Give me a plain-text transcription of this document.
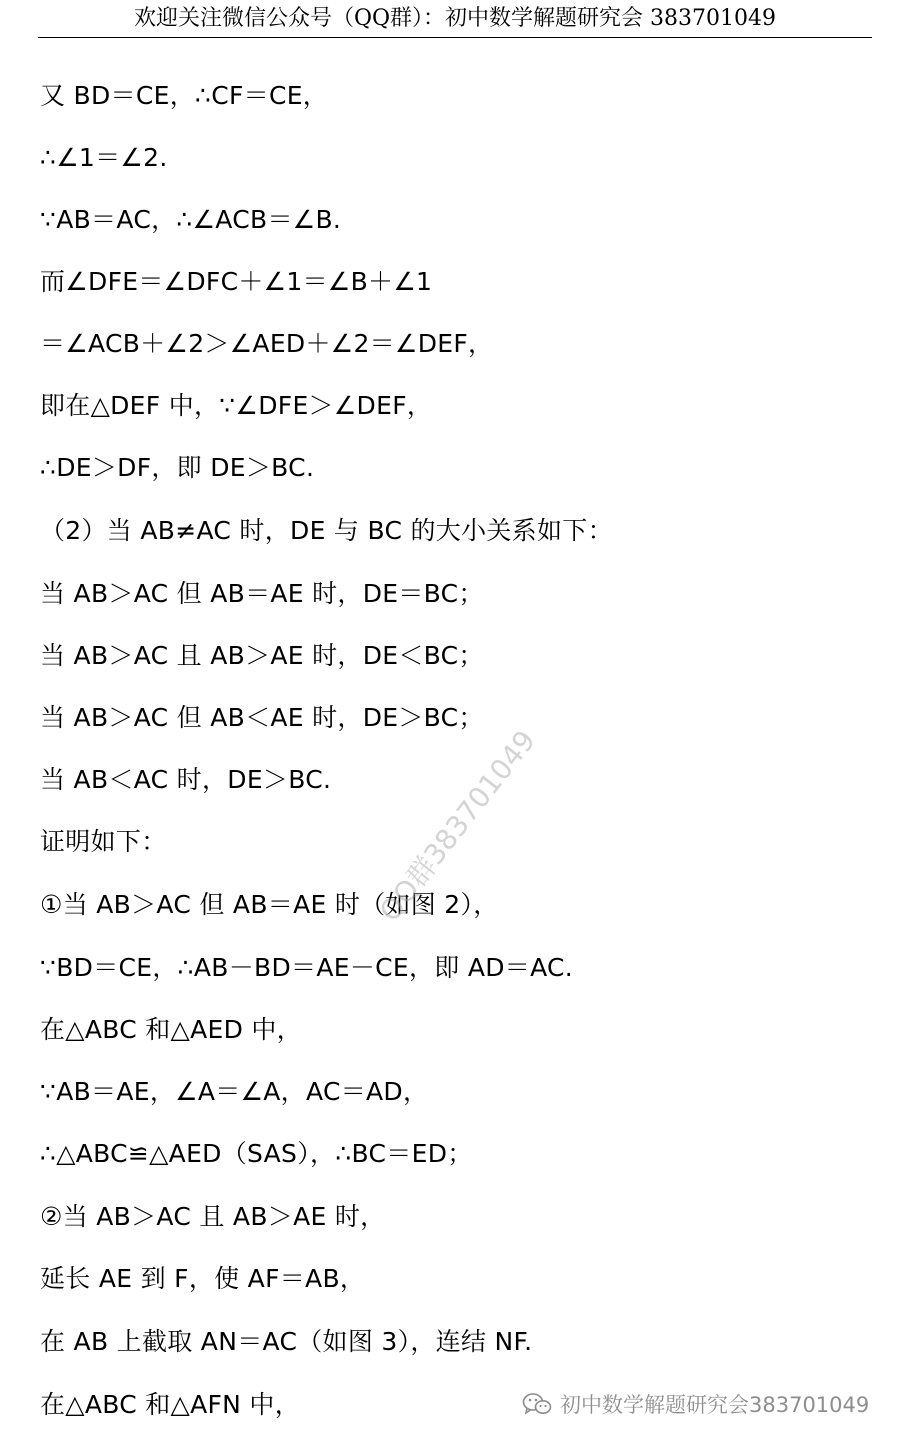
欢迎关注微信公众号（QQ群）：初中数学解题研究会 383701049
又 BD＝CE，∴CF＝CE，
∴∠1＝∠2.
∵AB＝AC，∴∠ACB＝∠B.
而∠DFE＝∠DFC＋∠1＝∠B＋∠1
＝∠ACB＋∠2＞∠AED＋∠2＝∠DEF，
即在△DEF 中，∵∠DFE＞∠DEF，
∴DE＞DF，即 DE＞BC.
（2）当 AB≠AC 时，DE 与 BC 的大小关系如下：
当 AB＞AC 但 AB＝AE 时，DE＝BC；
当 AB＞AC 且 AB＞AE 时，DE＜BC；
当 AB＞AC 但 AB＜AE 时，DE＞BC；
当 AB＜AC 时，DE＞BC.
证明如下：
①当 AB＞AC 但 AB＝AE 时（如图 2），
∵BD＝CE，∴AB－BD＝AE－CE，即 AD＝AC.
在△ABC 和△AED 中，
∵AB＝AE，∠A＝∠A，AC＝AD，
∴△ABC≌△AED（SAS），∴BC＝ED；
②当 AB＞AC 且 AB＞AE 时，
延长 AE 到 F，使 AF＝AB，
在 AB 上截取 AN＝AC（如图 3），连结 NF.
在△ABC 和△AFN 中，
QQ群383701049
初中数学解题研究会383701049
